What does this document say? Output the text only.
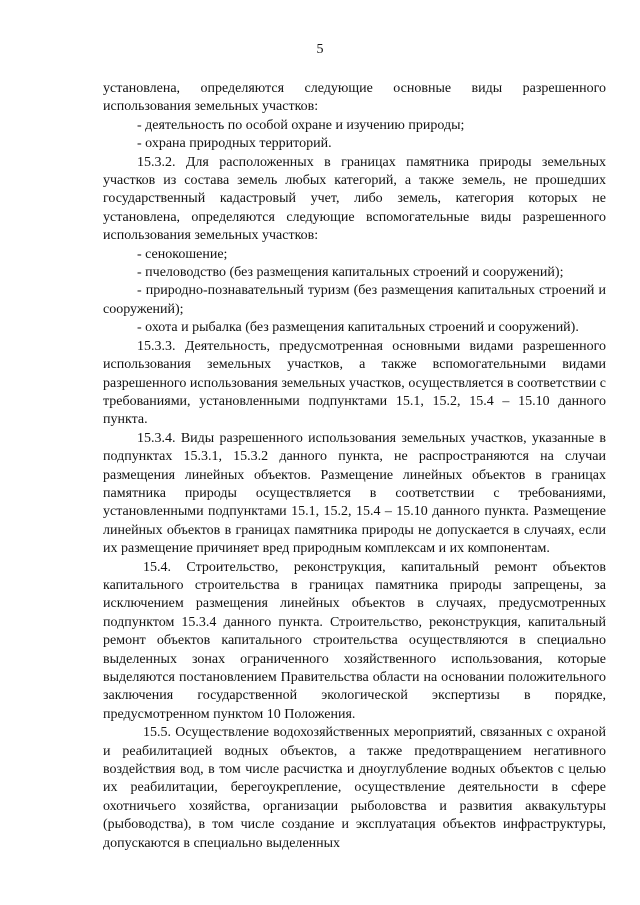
5

установлена, определяются следующие основные виды разрешенного использования земельных участков:

- деятельность по особой охране и изучению природы;

- охрана природных территорий.

15.3.2. Для расположенных в границах памятника природы земельных участков из состава земель любых категорий, а также земель, не прошедших государственный кадастровый учет, либо земель, категория которых не установлена, определяются следующие вспомогательные виды разрешенного использования земельных участков:

- сенокошение;

- пчеловодство (без размещения капитальных строений и сооружений);

- природно-познавательный туризм (без размещения капитальных строений и сооружений);

- охота и рыбалка (без размещения капитальных строений и сооружений).

15.3.3. Деятельность, предусмотренная основными видами разрешенного использования земельных участков, а также вспомогательными видами разрешенного использования земельных участков, осуществляется в соответствии с требованиями, установленными подпунктами 15.1, 15.2, 15.4 – 15.10 данного пункта.

15.3.4. Виды разрешенного использования земельных участков, указанные в подпунктах 15.3.1, 15.3.2 данного пункта, не распространяются на случаи размещения линейных объектов. Размещение линейных объектов в границах памятника природы осуществляется в соответствии с требованиями, установленными подпунктами 15.1, 15.2, 15.4 – 15.10 данного пункта. Размещение линейных объектов в границах памятника природы не допускается в случаях, если их размещение причиняет вред природным комплексам и их компонентам.

15.4. Строительство, реконструкция, капитальный ремонт объектов капитального строительства в границах памятника природы запрещены, за исключением размещения линейных объектов в случаях, предусмотренных подпунктом 15.3.4 данного пункта. Строительство, реконструкция, капитальный ремонт объектов капитального строительства осуществляются в специально выделенных зонах ограниченного хозяйственного использования, которые выделяются постановлением Правительства области на основании положительного заключения государственной экологической экспертизы в порядке, предусмотренном пунктом 10 Положения.

15.5. Осуществление водохозяйственных мероприятий, связанных с охраной и реабилитацией водных объектов, а также предотвращением негативного воздействия вод, в том числе расчистка и дноуглубление водных объектов с целью их реабилитации, берегоукрепление, осуществление деятельности в сфере охотничьего хозяйства, организации рыболовства и развития аквакультуры (рыбоводства), в том числе создание и эксплуатация объектов инфраструктуры, допускаются в специально выделенных
